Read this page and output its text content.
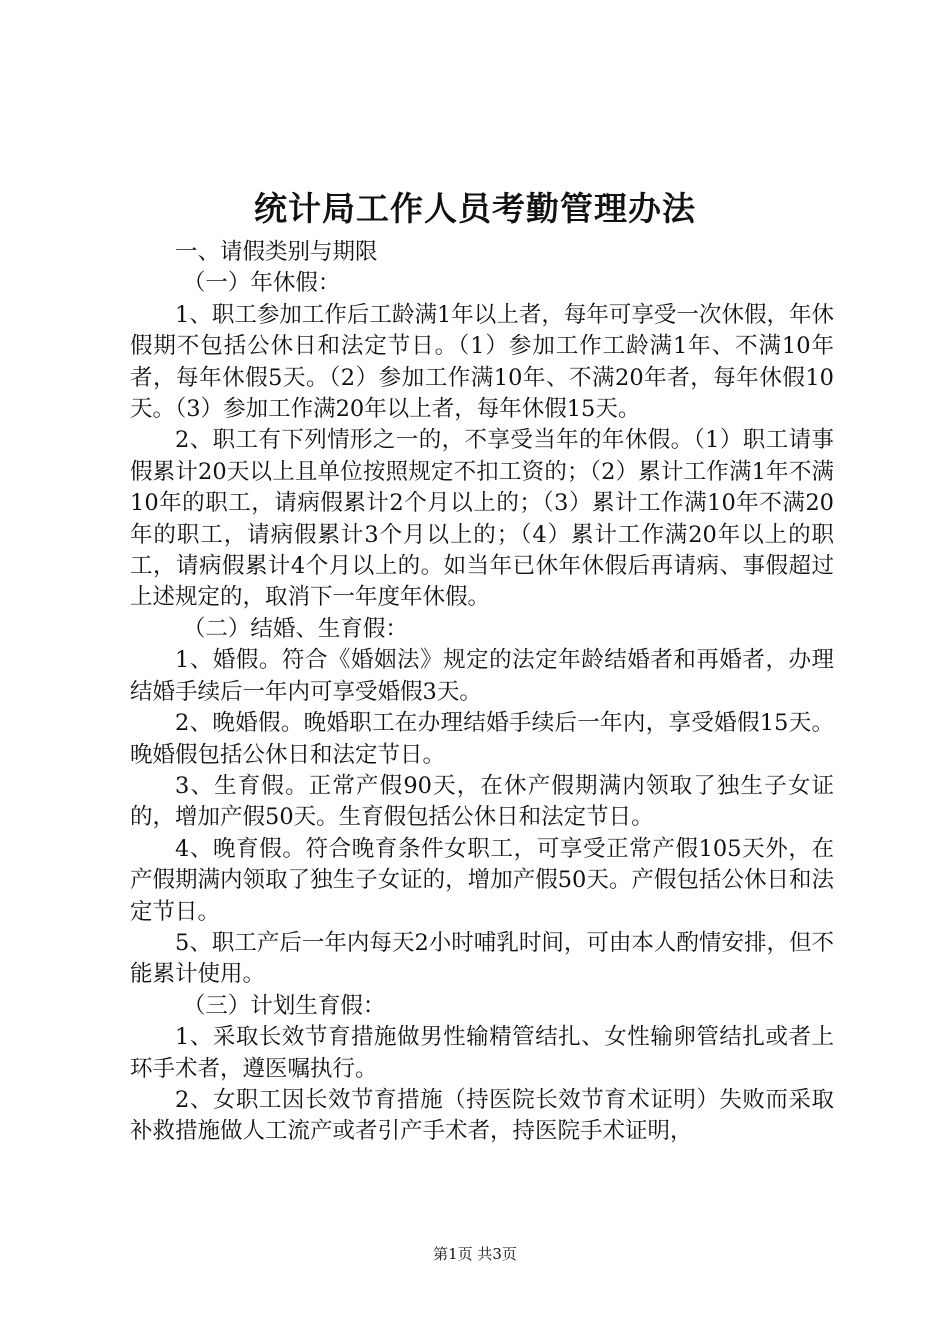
统计局工作人员考勤管理办法

一、请假类别与期限

（一）年休假：

1、职工参加工作后工龄满1年以上者，每年可享受一次休假，年休假期不包括公休日和法定节日。（1）参加工作工龄满1年、不满10年者，每年休假5天。（2）参加工作满10年、不满20年者，每年休假10天。（3）参加工作满20年以上者，每年休假15天。

2、职工有下列情形之一的，不享受当年的年休假。（1）职工请事假累计20天以上且单位按照规定不扣工资的；（2）累计工作满1年不满10年的职工，请病假累计2个月以上的；（3）累计工作满10年不满20年的职工，请病假累计3个月以上的；（4）累计工作满20年以上的职工，请病假累计4个月以上的。如当年已休年休假后再请病、事假超过上述规定的，取消下一年度年休假。

（二）结婚、生育假：

1、婚假。符合《婚姻法》规定的法定年龄结婚者和再婚者，办理结婚手续后一年内可享受婚假3天。

2、晚婚假。晚婚职工在办理结婚手续后一年内，享受婚假15天。晚婚假包括公休日和法定节日。

3、生育假。正常产假90天，在休产假期满内领取了独生子女证的，增加产假50天。生育假包括公休日和法定节日。

4、晚育假。符合晚育条件女职工，可享受正常产假105天外，在产假期满内领取了独生子女证的，增加产假50天。产假包括公休日和法定节日。

5、职工产后一年内每天2小时哺乳时间，可由本人酌情安排，但不能累计使用。

（三）计划生育假：

1、采取长效节育措施做男性输精管结扎、女性输卵管结扎或者上环手术者，遵医嘱执行。

2、女职工因长效节育措施（持医院长效节育术证明）失败而采取补救措施做人工流产或者引产手术者，持医院手术证明，

第1页 共3页
